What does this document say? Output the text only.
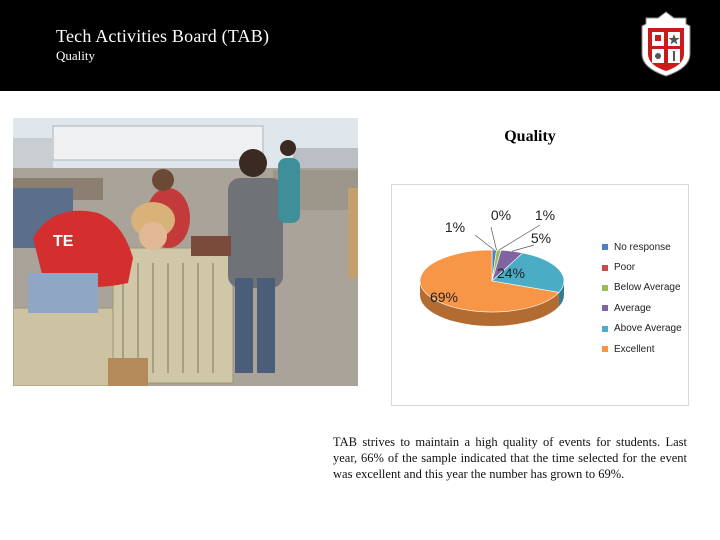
Tech Activities Board (TAB)
Quality
TE
Quality
1%
0% 1%
5%
24%
69%
No response
Poor
Below Average
Average
Above Average
Excellent
TAB strives to maintain a high quality of events for students. Last year, 66% of the sample indicated that the time selected for the event was excellent and this year the number has grown to 69%.
